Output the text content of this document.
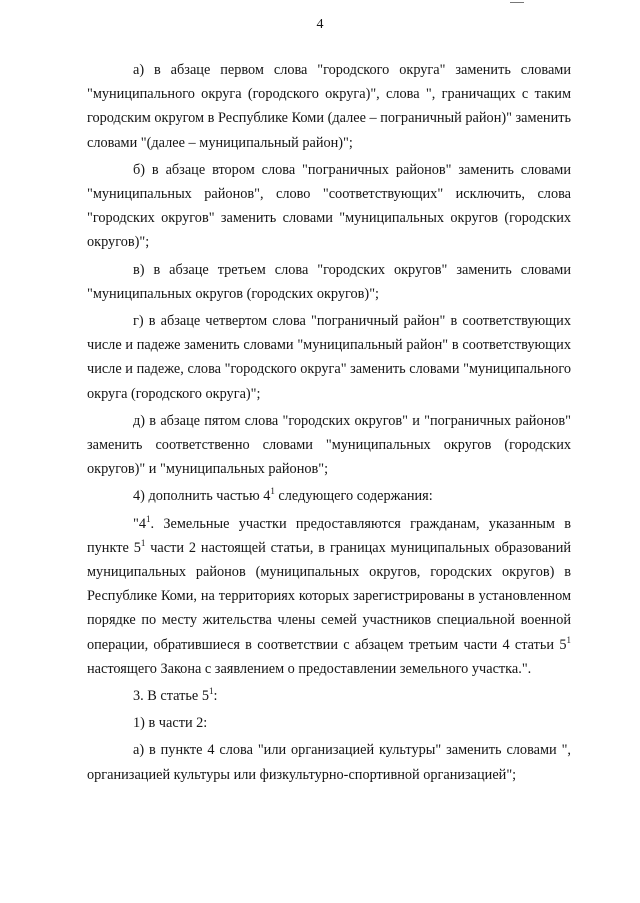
4

а) в абзаце первом слова "городского округа" заменить словами "муниципального округа (городского округа)", слова ", граничащих с таким городским округом в Республике Коми (далее – пограничный район)" заменить словами "(далее – муниципальный район)";

б) в абзаце втором слова "пограничных районов" заменить словами "муниципальных районов", слово "соответствующих" исключить, слова "городских округов" заменить словами "муниципальных округов (городских округов)";

в) в абзаце третьем слова "городских округов" заменить словами "муниципальных округов (городских округов)";

г) в абзаце четвертом слова "пограничный район" в соответствующих числе и падеже заменить словами "муниципальный район" в соответствующих числе и падеже, слова "городского округа" заменить словами "муниципального округа (городского округа)";

д) в абзаце пятом слова "городских округов" и "пограничных районов" заменить соответственно словами "муниципальных округов (городских округов)" и "муниципальных районов";

4) дополнить частью $4^1$ следующего содержания:

"$4^1$. Земельные участки предоставляются гражданам, указанным в пункте $5^1$ части 2 настоящей статьи, в границах муниципальных образований муниципальных районов (муниципальных округов, городских округов) в Республике Коми, на территориях которых зарегистрированы в установленном порядке по месту жительства члены семей участников специальной военной операции, обратившиеся в соответствии с абзацем третьим части 4 статьи $5^1$ настоящего Закона с заявлением о предоставлении земельного участка.".

3. В статье $5^1$:

1) в части 2:

а) в пункте 4 слова "или организацией культуры" заменить словами ", организацией культуры или физкультурно-спортивной организацией";
